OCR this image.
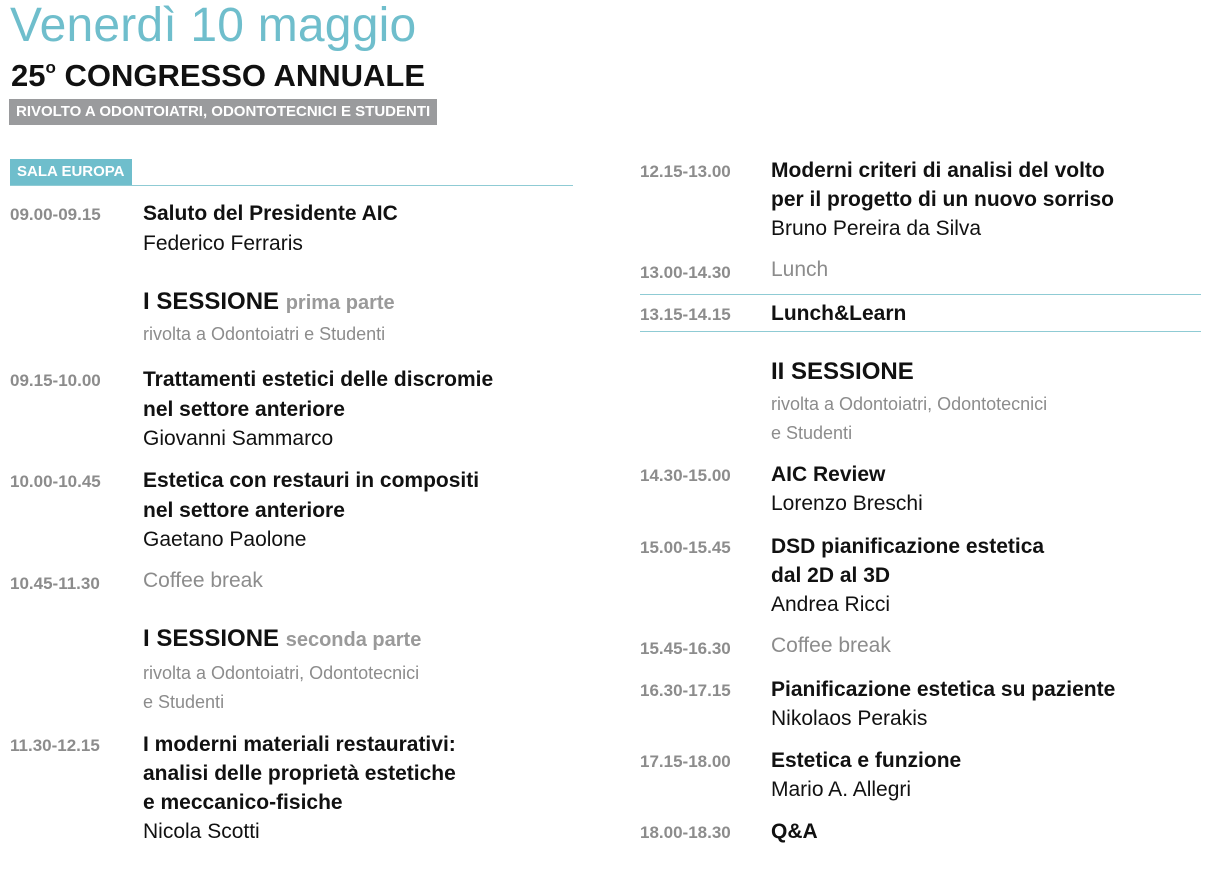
Venerdì 10 maggio
25$^o$ CONGRESSO ANNUALE
RIVOLTO A ODONTOIATRI, ODONTOTECNICI E STUDENTI
SALA EUROPA
09.00-09.15 Saluto del Presidente AIC
Federico Ferraris
I SESSIONE prima parte
rivolta a Odontoiatri e Studenti
09.15-10.00 Trattamenti estetici delle discromie
nel settore anteriore
Giovanni Sammarco
10.00-10.45 Estetica con restauri in compositi
nel settore anteriore
Gaetano Paolone
10.45-11.30 Coffee break
I SESSIONE seconda parte
rivolta a Odontoiatri, Odontotecnici
e Studenti
11.30-12.15 I moderni materiali restaurativi:
analisi delle proprietà estetiche
e meccanico-fisiche
Nicola Scotti
12.15-13.00 Moderni criteri di analisi del volto
per il progetto di un nuovo sorriso
Bruno Pereira da Silva
13.00-14.30 Lunch
13.15-14.15 Lunch&Learn
II SESSIONE
rivolta a Odontoiatri, Odontotecnici
e Studenti
14.30-15.00 AIC Review
Lorenzo Breschi
15.00-15.45 DSD pianificazione estetica
dal 2D al 3D
Andrea Ricci
15.45-16.30 Coffee break
16.30-17.15 Pianificazione estetica su paziente
Nikolaos Perakis
17.15-18.00 Estetica e funzione
Mario A. Allegri
18.00-18.30 Q&A
